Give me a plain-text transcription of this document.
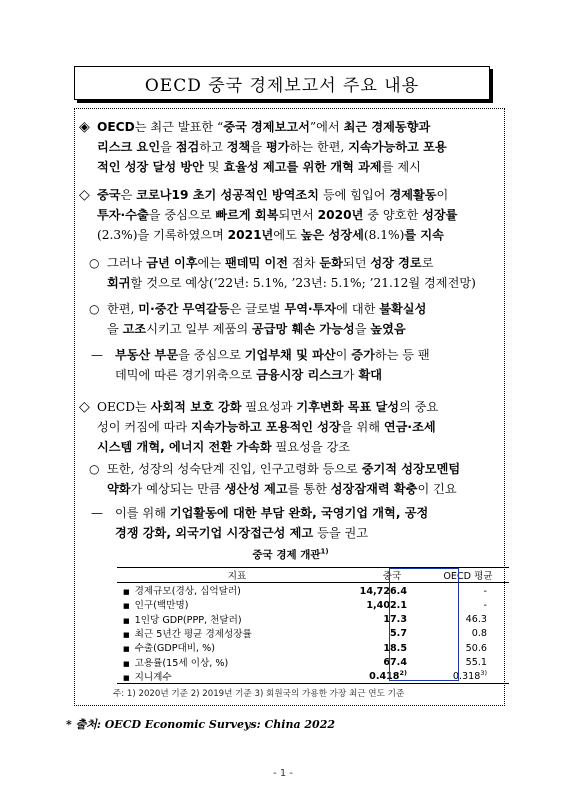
OECD 중국 경제보고서 주요 내용
◈ OECD는 최근 발표한 “중국 경제보고서”에서 최근 경제동향과
리스크 요인을 점검하고 정책을 평가하는 한편, 지속가능하고 포용
적인 성장 달성 방안 및 효율성 제고를 위한 개혁 과제를 제시
◇ 중국은 코로나19 초기 성공적인 방역조치 등에 힘입어 경제활동이
투자·수출을 중심으로 빠르게 회복되면서 2020년 중 양호한 성장률
(2.3%)을 기록하였으며 2021년에도 높은 성장세(8.1%)를 지속
○ 그러나 금년 이후에는 팬데믹 이전 점차 둔화되던 성장 경로로
회귀할 것으로 예상(’22년: 5.1%, ’23년: 5.1%; ’21.12월 경제전망)
○ 한편, 미·중간 무역갈등은 글로벌 무역·투자에 대한 불확실성
을 고조시키고 일부 제품의 공급망 훼손 가능성을 높였음
— 부동산 부문을 중심으로 기업부채 및 파산이 증가하는 등 팬
데믹에 따른 경기위축으로 금융시장 리스크가 확대
◇ OECD는 사회적 보호 강화 필요성과 기후변화 목표 달성의 중요
성이 커짐에 따라 지속가능하고 포용적인 성장을 위해 연금·조세
시스템 개혁, 에너지 전환 가속화 필요성을 강조
○ 또한, 성장의 성숙단계 진입, 인구고령화 등으로 중기적 성장모멘텀
약화가 예상되는 만큼 생산성 제고를 통한 성장잠재력 확충이 긴요
— 이를 위해 기업활동에 대한 부담 완화, 국영기업 개혁, 공정
경쟁 강화, 외국기업 시장접근성 제고 등을 권고
중국 경제 개관$^{1)}$
지표	중국	OECD 평균
■ 경제규모(경상, 십억달러)	14,726.4	-
■ 인구(백만명)	1,402.1	-
■ 1인당 GDP(PPP, 천달러)	17.3	46.3
■ 최근 5년간 평균 경제성장률	5.7	0.8
■ 수출(GDP대비, %)	18.5	50.6
■ 고용률(15세 이상, %)	67.4	55.1
■ 지니계수	0.418$^{2)}$	0.318$^{3)}$
주: 1) 2020년 기준 2) 2019년 기준 3) 회원국의 가용한 가장 최근 연도 기준
* 출처: OECD Economic Surveys: China 2022
- 1 -
